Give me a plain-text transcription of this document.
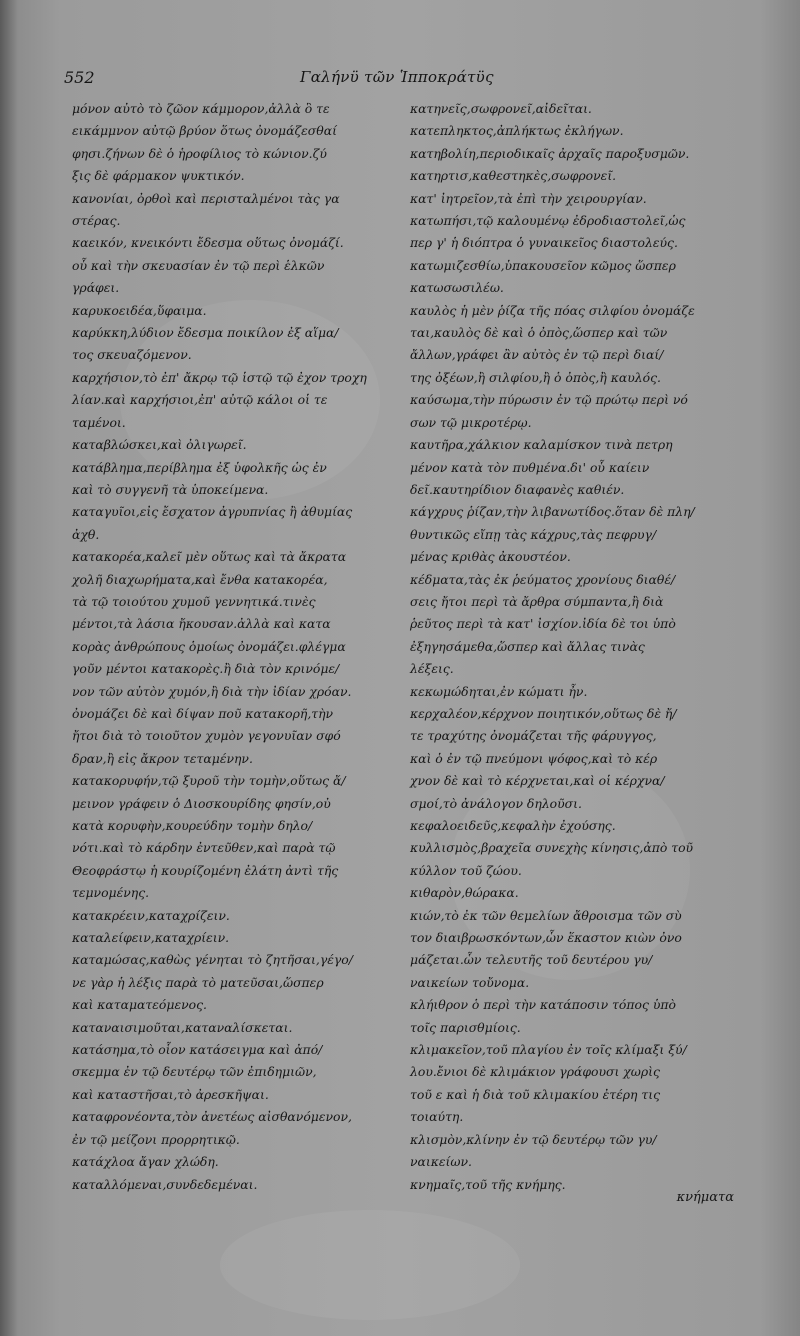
552	Γαλήνϋ τῶν Ἱπποκράτϋς
μόνον αὐτὸ τὸ ζῶον κάμμορον,ἀλλὰ ὃ τε
εικάμμνον αὐτῷ βρύον ὅτως ὀνομάζεσθαί
φησι.ζήνων δὲ ὁ ἡροφίλιος τὸ κώνιον.ζύ
ξις δὲ φάρμακον ψυκτικόν.
κανονίαι, ὀρθοὶ καὶ περισταλμένοι τὰς γα
στέρας.
καεικόν, κνεικόντι ἔδεσμα οὕτως ὀνομάζί.
οὗ καὶ τὴν σκευασίαν ἐν τῷ περὶ ἑλκῶν
γράφει.
καρυκοειδέα,ὕφαιμα.
καρύκκη,λύδιον ἔδεσμα ποικίλον ἐξ αἵμα/
τος σκευαζόμενον.
καρχήσιον,τὸ ἐπ' ἄκρῳ τῷ ἱστῷ τῷ ἐχον τροχη
λίαν.καὶ καρχήσιοι,ἐπ' αὐτῷ κάλοι οἱ τε
ταμένοι.
καταβλώσκει,καὶ ὀλιγωρεῖ.
κατάβλημα,περίβλημα ἐξ ὑφολκῆς ὡς ἐν
καὶ τὸ συγγενῆ τὰ ὑποκείμενα.
καταγυῖοι,εἰς ἔσχατον ἀγρυπνίας ἢ ἀθυμίας
ἀχθ.
κατακορέα,καλεῖ μὲν οὕτως καὶ τὰ ἄκρατα
χολῆ διαχωρήματα,καὶ ἔνθα κατακορέα,
τὰ τῷ τοιούτου χυμοῦ γεννητικά.τινὲς
μέντοι,τὰ λάσια ἤκουσαν.ἀλλὰ καὶ κατα
κορὰς ἀνθρώπους ὁμοίως ὀνομάζει.φλέγμα
γοῦν μέντοι κατακορὲς.ἢ διὰ τὸν κρινόμε/
νον τῶν αὐτὸν χυμόν,ἢ διὰ τὴν ἰδίαν χρόαν.
ὀνομάζει δὲ καὶ δίψαν ποῦ κατακορῆ,τὴν
ἤτοι διὰ τὸ τοιοῦτον χυμὸν γεγονυῖαν σφό
δραν,ἢ εἰς ἄκρον τεταμένην.
κατακορυφήν,τῷ ξυροῦ τὴν τομὴν,οὕτως ἄ/
μεινον γράφειν ὁ Διοσκουρίδης φησίν,οὐ
κατὰ κορυφὴν,κουρεύδην τομὴν δηλο/
νότι.καὶ τὸ κάρδην ἐντεῦθεν,καὶ παρὰ τῷ
Θεοφράστῳ ἡ κουρίζομένη ἐλάτη ἀντὶ τῆς
τεμνομένης.
κατακρέειν,καταχρίζειν.
καταλείφειν,καταχρίειν.
καταμώσας,καθὼς γένηται τὸ ζητῆσαι,γέγο/
νε γὰρ ἡ λέξις παρὰ τὸ ματεῦσαι,ὥσπερ
καὶ καταματεόμενος.
καταναισιμοῦται,καταναλίσκεται.
κατάσημα,τὸ οἷον κατάσειγμα καὶ ἀπό/
σκεμμα ἐν τῷ δευτέρῳ τῶν ἐπιδημιῶν,
καὶ καταστῆσαι,τὸ ἀρεσκῆψαι.
καταφρονέοντα,τὸν ἀνετέως αἰσθανόμενον,
ἐν τῷ μείζονι προρρητικῷ.
κατάχλοα ἄγαν χλώδη.
καταλλόμεναι,συνδεδεμέναι.
κατηνεῖς,σωφρονεῖ,αἰδεῖται.
κατεπληκτος,ἀπλήκτως ἐκλήγων.
κατηβολίη,περιοδικαῖς ἀρχαῖς παροξυσμῶν.
κατηρτισ,καθεστηκὲς,σωφρονεῖ.
κατ' ἰητρεῖον,τὰ ἐπὶ τὴν χειρουργίαν.
κατωπήσι,τῷ καλουμένῳ ἐδροδιαστολεῖ,ὡς
περ γ' ἡ διόπτρα ὁ γυναικεῖος διαστολεύς.
κατωμιζεσθίω,ὑπακουσεῖον κῶμος ὥσπερ
κατωσωσιλέω.
καυλὸς ἡ μὲν ῥίζα τῆς πόας σιλφίου ὀνομάζε
ται,καυλὸς δὲ καὶ ὁ ὀπὸς,ὥσπερ καὶ τῶν
ἄλλων,γράφει ἂν αὐτὸς ἐν τῷ περὶ διαί/
της ὀξέων,ἢ σιλφίου,ἢ ὁ ὀπὸς,ἢ καυλός.
καύσωμα,τὴν πύρωσιν ἐν τῷ πρώτῳ περὶ νό
σων τῷ μικροτέρῳ.
καυτῆρα,χάλκιον καλαμίσκον τινὰ πετρη
μένον κατὰ τὸν πυθμένα.δι' οὗ καίειν
δεῖ.καυτηρίδιον διαφανὲς καθιέν.
κάγχρυς ῥίζαν,τὴν λιβανωτίδος.ὅταν δὲ πλη/
θυντικῶς εἴπῃ τὰς κάχρυς,τὰς πεφρυγ/
μένας κριθὰς ἀκουστέον.
κέδματα,τὰς ἐκ ῥεύματος χρονίους διαθέ/
σεις ἤτοι περὶ τὰ ἄρθρα σύμπαντα,ἢ διὰ
ῥεῦτος περὶ τὰ κατ' ἰσχίον.ἰδία δὲ τοι ὑπὸ
ἐξηγησάμεθα,ὥσπερ καὶ ἄλλας τινὰς
λέξεις.
κεκωμώδηται,ἐν κώματι ἦν.
κερχαλέον,κέρχνον ποιητικόν,οὕτως δὲ ἤ/
τε τραχύτης ὀνομάζεται τῆς φάρυγγος,
καὶ ὁ ἐν τῷ πνεύμονι ψόφος,καὶ τὸ κέρ
χνον δὲ καὶ τὸ κέρχνεται,καὶ οἱ κέρχνα/
σμοί,τὸ ἀνάλογον δηλοῦσι.
κεφαλοειδεῦς,κεφαλὴν ἐχούσης.
κυλλισμὸς,βραχεῖα συνεχὴς κίνησις,ἀπὸ τοῦ
κύλλον τοῦ ζώου.
κιθαρὸν,θώρακα.
κιών,τὸ ἐκ τῶν θεμελίων ἄθροισμα τῶν σὺ
τον διαιβρωσκόντων,ὧν ἕκαστον κιὼν ὀνο
μάζεται.ὧν τελευτῆς τοῦ δευτέρου γυ/
ναικείων τοὔνομα.
κλήιθρον ὁ περὶ τὴν κατάποσιν τόπος ὑπὸ
τοῖς παρισθμίοις.
κλιμακεῖον,τοῦ πλαγίου ἐν τοῖς κλίμαξι ξύ/
λου.ἔνιοι δὲ κλιμάκιον γράφουσι χωρὶς
τοῦ ε καὶ ἡ διὰ τοῦ κλιμακίου ἐτέρη τις
τοιαύτη.
κλισμὸν,κλίνην ἐν τῷ δευτέρῳ τῶν γυ/
ναικείων.
κνημαῖς,τοῦ τῆς κνήμης.
κνήματα
